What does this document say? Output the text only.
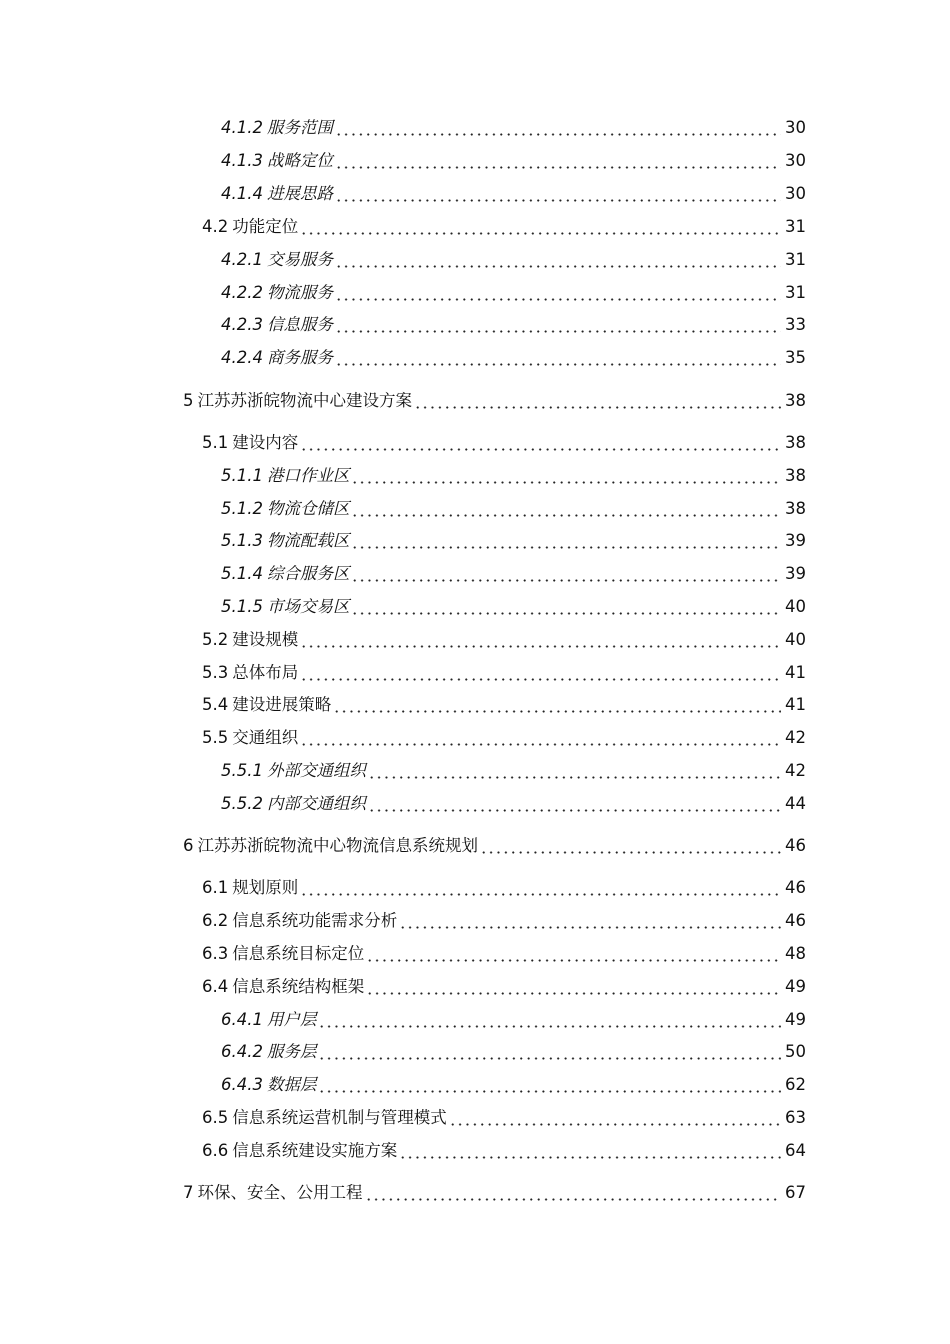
4.1.2 服务范围	30
4.1.3 战略定位	30
4.1.4 进展思路	30
4.2 功能定位	31
4.2.1 交易服务	31
4.2.2 物流服务	31
4.2.3 信息服务	33
4.2.4 商务服务	35
5 江苏苏浙皖物流中心建设方案	38
5.1 建设内容	38
5.1.1 港口作业区	38
5.1.2 物流仓储区	38
5.1.3 物流配载区	39
5.1.4 综合服务区	39
5.1.5 市场交易区	40
5.2 建设规模	40
5.3 总体布局	41
5.4 建设进展策略	41
5.5 交通组织	42
5.5.1 外部交通组织	42
5.5.2 内部交通组织	44
6 江苏苏浙皖物流中心物流信息系统规划	46
6.1 规划原则	46
6.2 信息系统功能需求分析	46
6.3 信息系统目标定位	48
6.4 信息系统结构框架	49
6.4.1 用户层	49
6.4.2 服务层	50
6.4.3 数据层	62
6.5 信息系统运营机制与管理模式	63
6.6 信息系统建设实施方案	64
7 环保、安全、公用工程	67
